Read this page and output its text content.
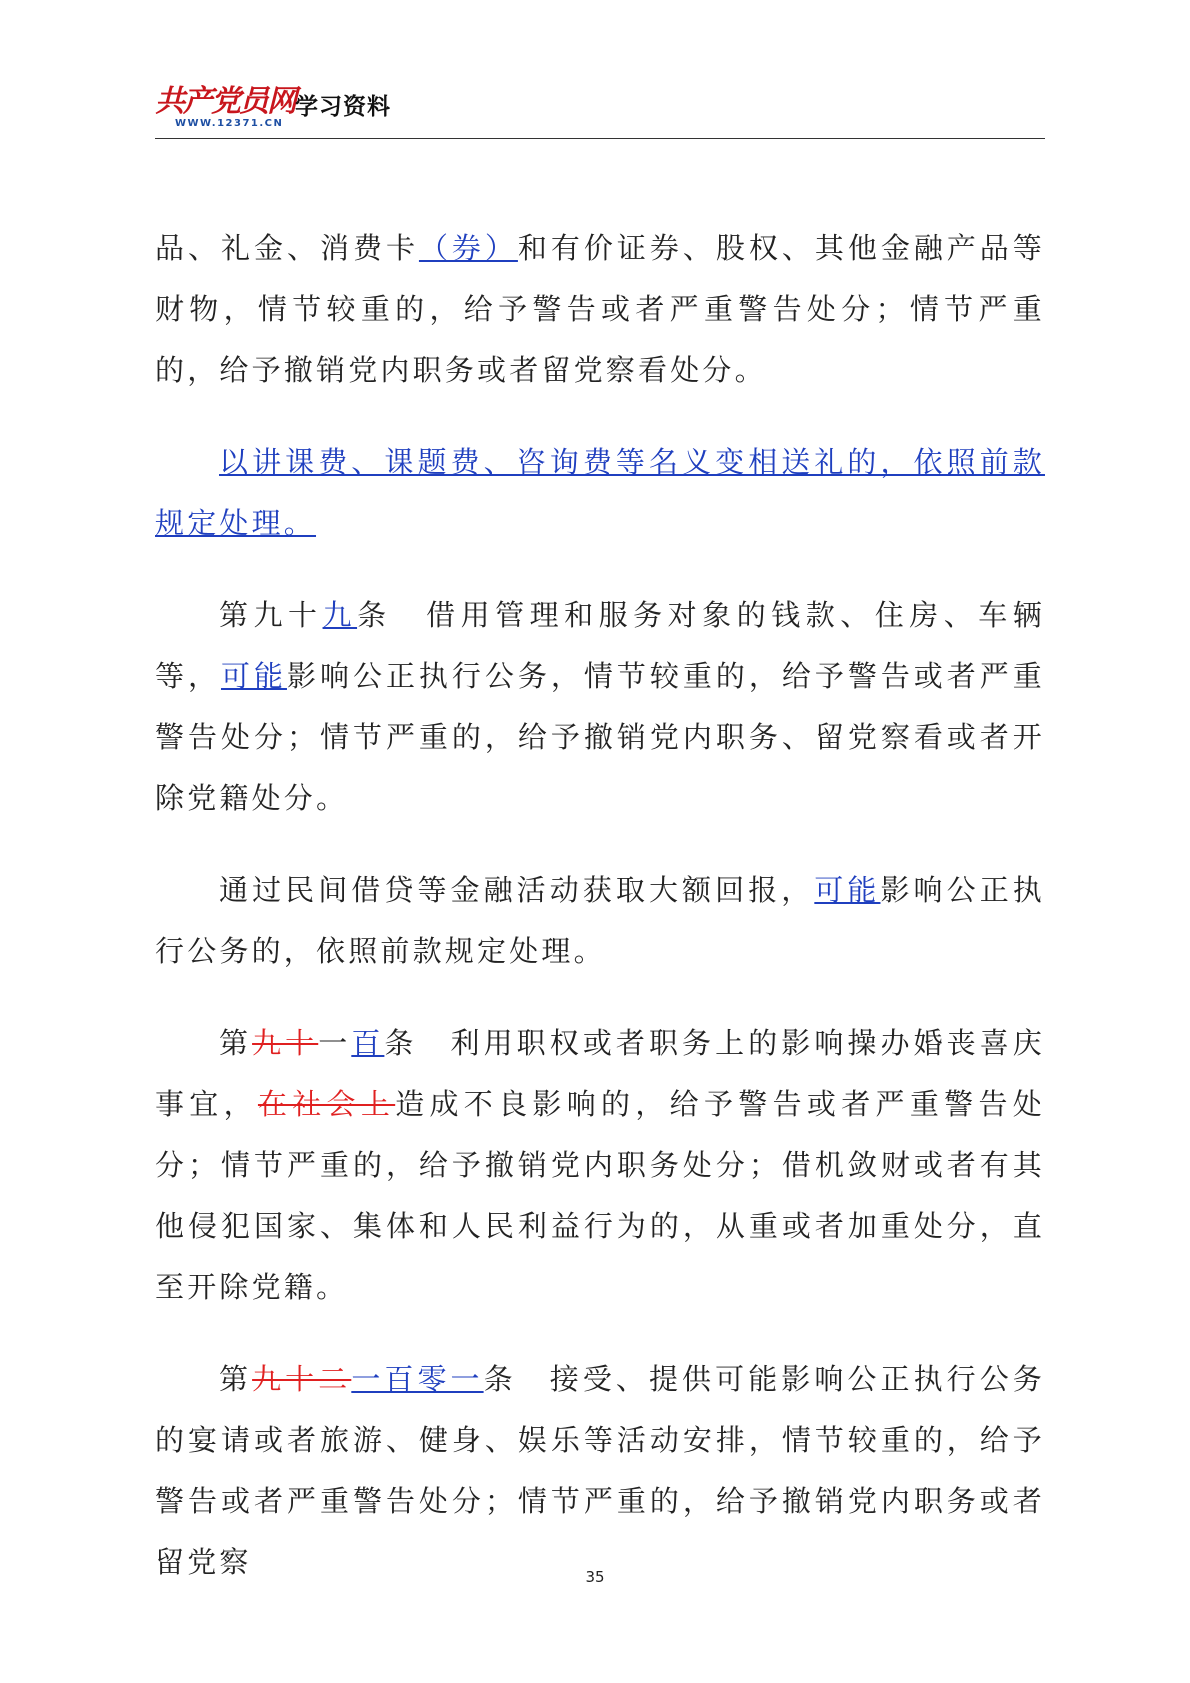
共产党员网
WWW.12371.CN
学习资料

品、礼金、消费卡（券）和有价证券、股权、其他金融产品等财物，情节较重的，给予警告或者严重警告处分；情节严重的，给予撤销党内职务或者留党察看处分。

以讲课费、课题费、咨询费等名义变相送礼的，依照前款规定处理。

第九十九条　借用管理和服务对象的钱款、住房、车辆等，可能影响公正执行公务，情节较重的，给予警告或者严重警告处分；情节严重的，给予撤销党内职务、留党察看或者开除党籍处分。

通过民间借贷等金融活动获取大额回报，可能影响公正执行公务的，依照前款规定处理。

第九十一百条　利用职权或者职务上的影响操办婚丧喜庆事宜，在社会上造成不良影响的，给予警告或者严重警告处分；情节严重的，给予撤销党内职务处分；借机敛财或者有其他侵犯国家、集体和人民利益行为的，从重或者加重处分，直至开除党籍。

第九十二一百零一条　接受、提供可能影响公正执行公务的宴请或者旅游、健身、娱乐等活动安排，情节较重的，给予警告或者严重警告处分；情节严重的，给予撤销党内职务或者留党察	35
